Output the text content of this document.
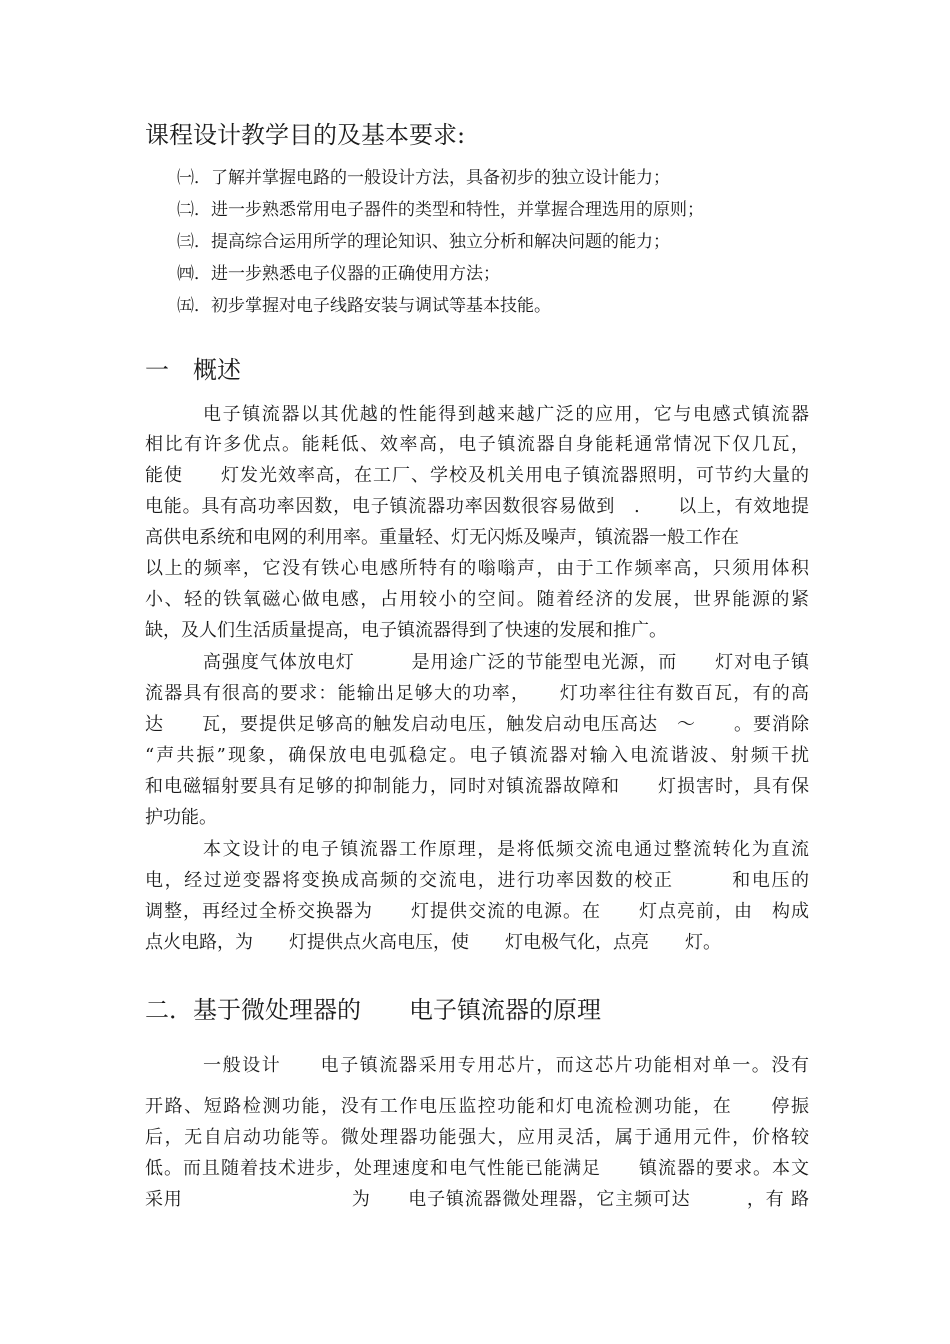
课程设计教学目的及基本要求:
㈠．了解并掌握电路的一般设计方法，具备初步的独立设计能力；
㈡．进一步熟悉常用电子器件的类型和特性，并掌握合理选用的原则；
㈢．提高综合运用所学的理论知识、独立分析和解决问题的能力；
㈣．进一步熟悉电子仪器的正确使用方法；
㈤．初步掌握对电子线路安装与调试等基本技能。
一　概述
电子镇流器以其优越的性能得到越来越广泛的应用，它与电感式镇流器
相比有许多优点。能耗低、效率高，电子镇流器自身能耗通常情况下仅几瓦，
能使　　灯发光效率高，在工厂、学校及机关用电子镇流器照明，可节约大量的
电能。具有高功率因数，电子镇流器功率因数很容易做到　.　　以上，有效地提
高供电系统和电网的利用率。重量轻、灯无闪烁及噪声，镇流器一般工作在
以上的频率，它没有铁心电感所特有的嗡嗡声，由于工作频率高，只须用体积
小、轻的铁氧磁心做电感，占用较小的空间。随着经济的发展，世界能源的紧
缺，及人们生活质量提高，电子镇流器得到了快速的发展和推广。
高强度气体放电灯　　　是用途广泛的节能型电光源，而　　灯对电子镇
流器具有很高的要求：能输出足够大的功率，　　灯功率往往有数百瓦，有的高
达　　瓦，要提供足够高的触发启动电压，触发启动电压高达　～　　。要消除
“声共振”现象，确保放电电弧稳定。电子镇流器对输入电流谐波、射频干扰
和电磁辐射要具有足够的抑制能力，同时对镇流器故障和　　灯损害时，具有保
护功能。
本文设计的电子镇流器工作原理，是将低频交流电通过整流转化为直流
电，经过逆变器将变换成高频的交流电，进行功率因数的校正　　　和电压的
调整，再经过全桥交换器为　　灯提供交流的电源。在　　灯点亮前，由　构成
点火电路，为　　灯提供点火高电压，使　　灯电极气化，点亮　　灯。
二．基于微处理器的　　电子镇流器的原理
一般设计　　电子镇流器采用专用芯片，而这芯片功能相对单一。没有
开路、短路检测功能，没有工作电压监控功能和灯电流检测功能，在　　停振
后，无自启动功能等。微处理器功能强大，应用灵活，属于通用元件，价格较
低。而且随着技术进步，处理速度和电气性能已能满足　　镇流器的要求。本文
采用　　　　　　　　　为　　电子镇流器微处理器，它主频可达　　　，有 路
